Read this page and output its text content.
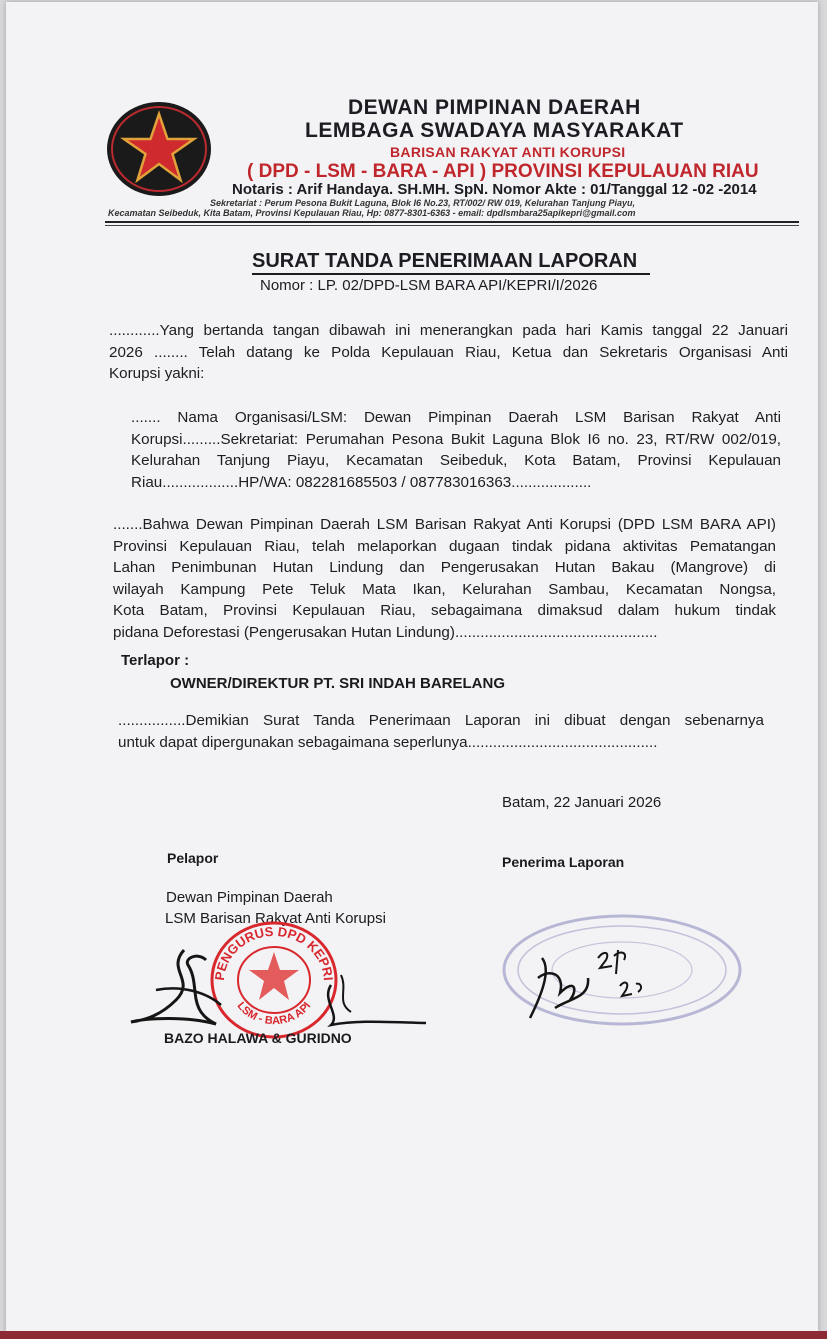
DEWAN PIMPINAN DAERAH
LEMBAGA SWADAYA MASYARAKAT
BARISAN RAKYAT ANTI KORUPSI
( DPD - LSM - BARA - API ) PROVINSI KEPULAUAN RIAU
Notaris : Arif Handaya. SH.MH. SpN. Nomor Akte : 01/Tanggal 12 -02 -2014
Sekretariat : Perum Pesona Bukit Laguna, Blok I6 No.23, RT/002/ RW 019, Kelurahan Tanjung Piayu,
Kecamatan Seibeduk, Kita Batam, Provinsi Kepulauan Riau, Hp: 0877-8301-6363 - email: dpdlsmbara25apikepri@gmail.com
SURAT TANDA PENERIMAAN LAPORAN
Nomor : LP. 02/DPD-LSM BARA API/KEPRI/I/2026
............Yang bertanda tangan dibawah ini menerangkan pada hari Kamis tanggal 22 Januari
2026 ........ Telah datang ke Polda Kepulauan Riau, Ketua dan Sekretaris Organisasi Anti
Korupsi yakni:
....... Nama Organisasi/LSM: Dewan Pimpinan Daerah LSM Barisan Rakyat Anti
Korupsi.........Sekretariat: Perumahan Pesona Bukit Laguna Blok I6 no. 23, RT/RW 002/019,
Kelurahan Tanjung Piayu, Kecamatan Seibeduk, Kota Batam, Provinsi Kepulauan
Riau..................HP/WA: 082281685503 / 087783016363...................
.......Bahwa Dewan Pimpinan Daerah LSM Barisan Rakyat Anti Korupsi (DPD LSM BARA API)
Provinsi Kepulauan Riau, telah melaporkan dugaan tindak pidana aktivitas Pematangan
Lahan Penimbunan Hutan Lindung dan Pengerusakan Hutan Bakau (Mangrove) di
wilayah Kampung Pete Teluk Mata Ikan, Kelurahan Sambau, Kecamatan Nongsa,
Kota Batam, Provinsi Kepulauan Riau, sebagaimana dimaksud dalam hukum tindak
pidana Deforestasi (Pengerusakan Hutan Lindung)................................................
Terlapor :
OWNER/DIREKTUR PT. SRI INDAH BARELANG
................Demikian Surat Tanda Penerimaan Laporan ini dibuat dengan sebenarnya
untuk dapat dipergunakan sebagaimana seperlunya.............................................
Batam, 22 Januari 2026
Pelapor	Penerima Laporan
Dewan Pimpinan Daerah
LSM Barisan Rakyat Anti Korupsi
PENGURUS DPD KEPRI
LSM - BARA API
BAZO HALAWA & GURIDNO
